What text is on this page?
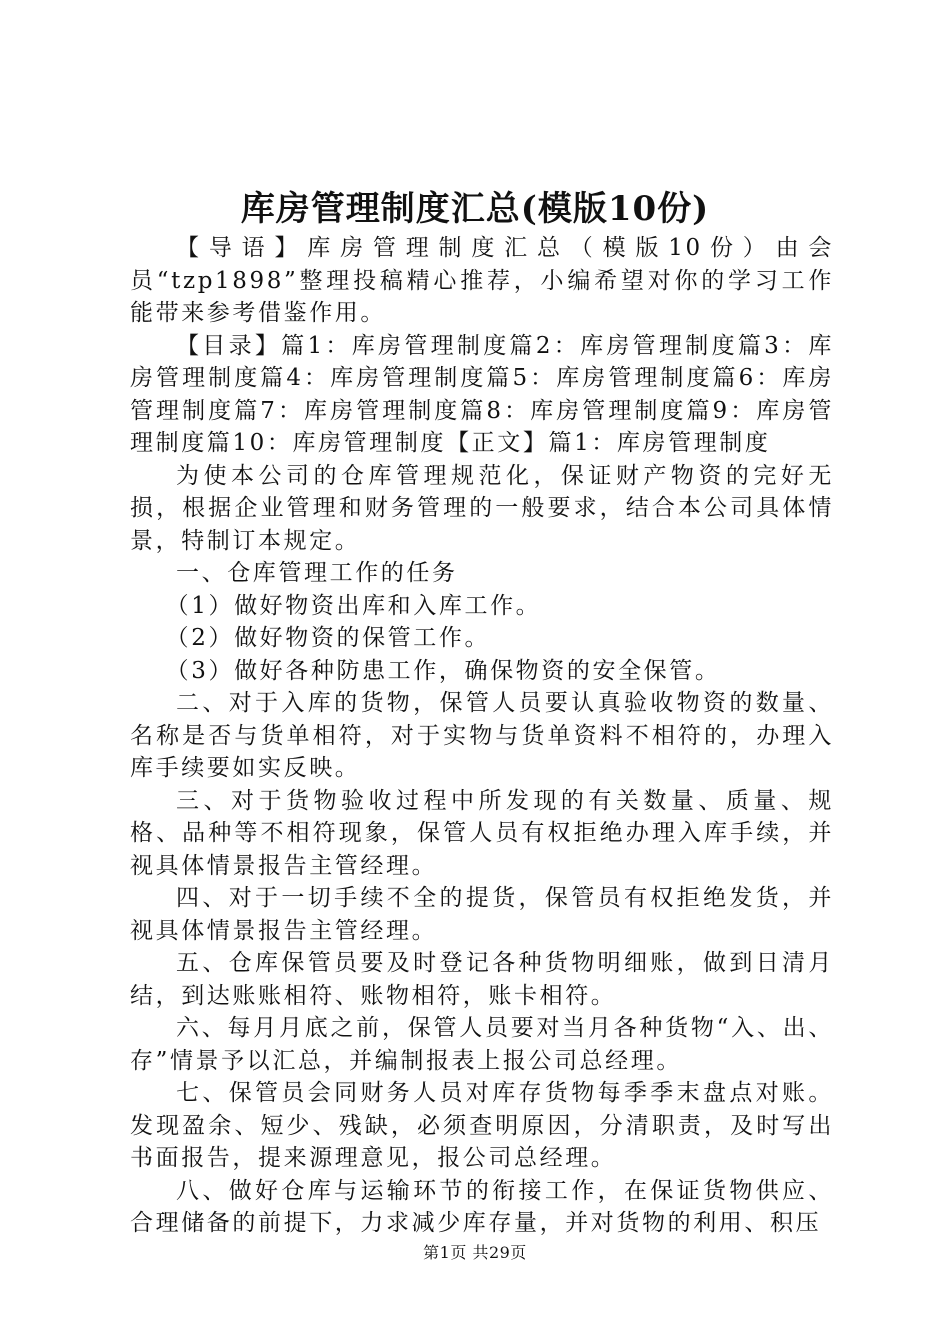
库房管理制度汇总(模版10份)

【导语】库房管理制度汇总（模版10份）由会员“tzp1898”整理投稿精心推荐，小编希望对你的学习工作能带来参考借鉴作用。

【目录】篇1：库房管理制度篇2：库房管理制度篇3：库房管理制度篇4：库房管理制度篇5：库房管理制度篇6：库房管理制度篇7：库房管理制度篇8：库房管理制度篇9：库房管理制度篇10：库房管理制度【正文】篇1：库房管理制度

为使本公司的仓库管理规范化，保证财产物资的完好无损，根据企业管理和财务管理的一般要求，结合本公司具体情景，特制订本规定。

一、仓库管理工作的任务

（1）做好物资出库和入库工作。

（2）做好物资的保管工作。

（3）做好各种防患工作，确保物资的安全保管。

二、对于入库的货物，保管人员要认真验收物资的数量、名称是否与货单相符，对于实物与货单资料不相符的，办理入库手续要如实反映。

三、对于货物验收过程中所发现的有关数量、质量、规格、品种等不相符现象，保管人员有权拒绝办理入库手续，并视具体情景报告主管经理。

四、对于一切手续不全的提货，保管员有权拒绝发货，并视具体情景报告主管经理。

五、仓库保管员要及时登记各种货物明细账，做到日清月结，到达账账相符、账物相符，账卡相符。

六、每月月底之前，保管人员要对当月各种货物“入、出、存”情景予以汇总，并编制报表上报公司总经理。

七、保管员会同财务人员对库存货物每季季末盘点对账。发现盈余、短少、残缺，必须查明原因，分清职责，及时写出书面报告，提来源理意见，报公司总经理。

八、做好仓库与运输环节的衔接工作，在保证货物供应、合理储备的前提下，力求减少库存量，并对货物的利用、积压

第1页 共29页
